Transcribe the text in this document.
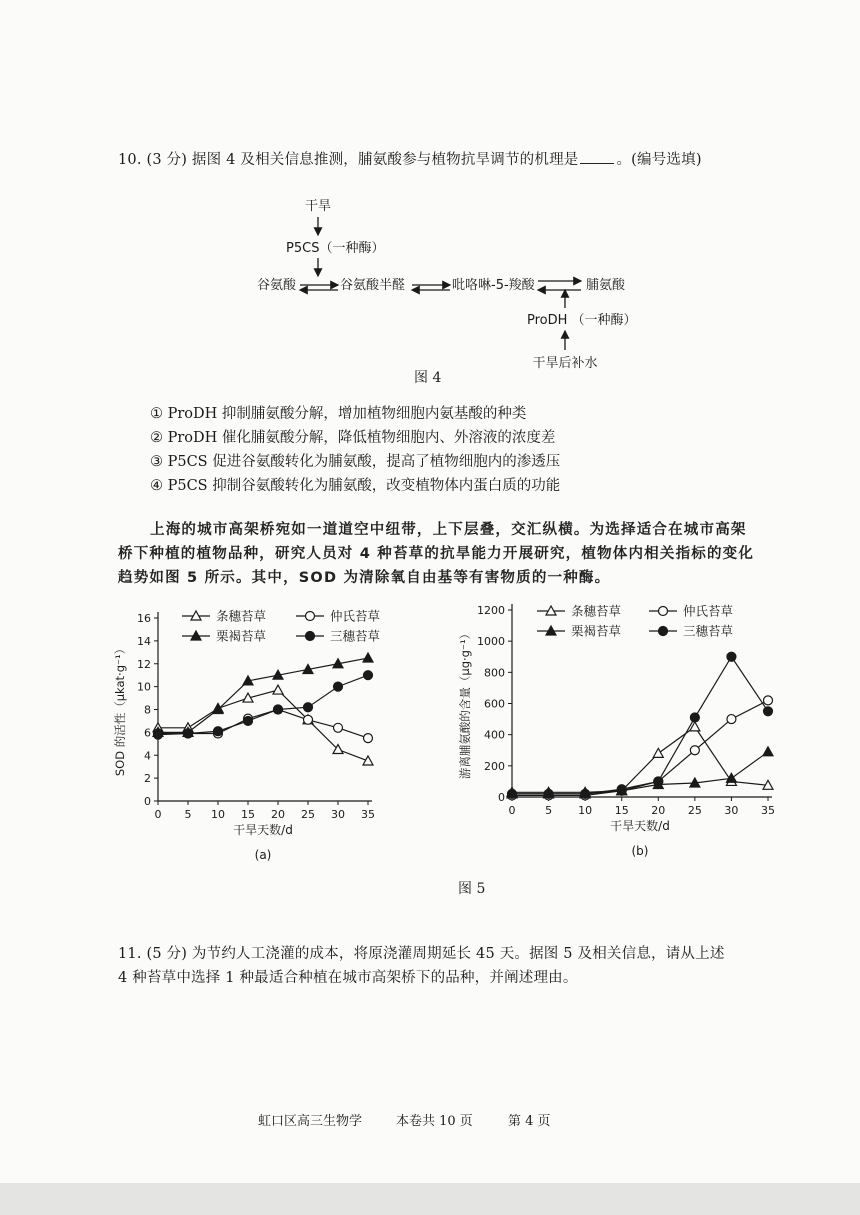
10. (3 分) 据图 4 及相关信息推测，脯氨酸参与植物抗旱调节的机理是	。(编号选填)
干旱
P5CS（一种酶）
谷氨酸	谷氨酸半醛	吡咯啉-5-羧酸	脯氨酸
ProDH （一种酶）
干旱后补水
图 4
① ProDH 抑制脯氨酸分解，增加植物细胞内氨基酸的种类
② ProDH 催化脯氨酸分解，降低植物细胞内、外溶液的浓度差
③ P5CS 促进谷氨酸转化为脯氨酸，提高了植物细胞内的渗透压
④ P5CS 抑制谷氨酸转化为脯氨酸，改变植物体内蛋白质的功能
上海的城市高架桥宛如一道道空中纽带，上下层叠，交汇纵横。为选择适合在城市高架
桥下种植的植物品种，研究人员对 4 种苔草的抗旱能力开展研究，植物体内相关指标的变化
趋势如图 5 所示。其中，SOD 为清除氧自由基等有害物质的一种酶。
0
2
4
6
8
10
12
14
16
0 5 10 15 20 25 30 35
干旱天数/d
SOD 的活性（μkat·g⁻¹）
(a)
条穗苔草	仲氏苔草
栗褐苔草	三穗苔草
0
200
400
600
800
1000
1200
0	5 10 15 20 25 30 35
干旱天数/d
游离脯氨酸的含量（μg·g⁻¹）
(b)
条穗苔草	仲氏苔草
栗褐苔草	三穗苔草
图 5
11. (5 分) 为节约人工浇灌的成本，将原浇灌周期延长 45 天。据图 5 及相关信息，请从上述
4 种苔草中选择 1 种最适合种植在城市高架桥下的品种，并阐述理由。
虹口区高三生物学	本卷共 10 页	第 4 页
